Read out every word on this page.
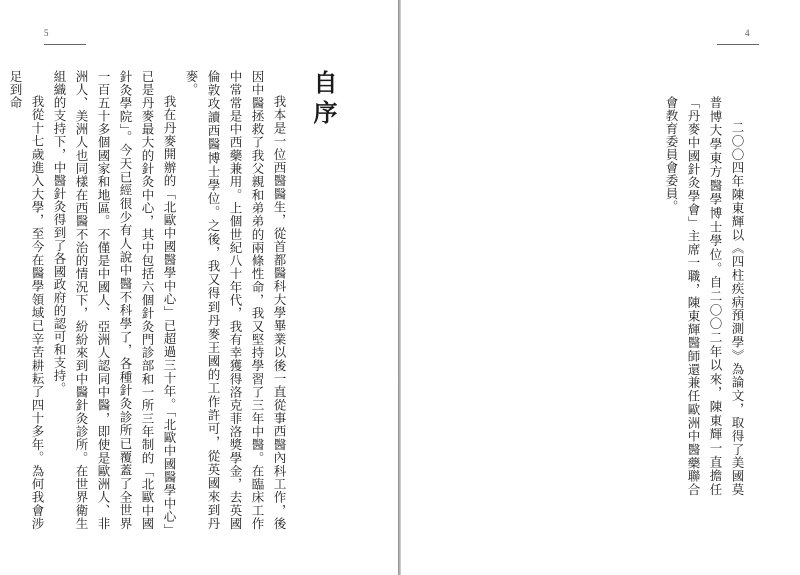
5
自序

我本是一位西醫醫生，從首都醫科大學畢業以後一直從事西醫內科工作，後因中醫拯救了我父親和弟弟的兩條性命，我又堅持學習了三年中醫。在臨床工作中常常是中西藥兼用。上個世紀八十年代，我有幸獲得洛克菲洛獎學金，去英國倫敦攻讀西醫博士學位。之後，我又得到丹麥王國的工作許可，從英國來到丹麥。

我在丹麥開辦的「北歐中國醫學中心」已超過三十年。「北歐中國醫學中心」已是丹麥最大的針灸中心，其中包括六個針灸門診部和一所三年制的「北歐中國針灸學院」。今天已經很少有人說中醫不科學了，各種針灸診所已覆蓋了全世界一百五十多個國家和地區。不僅是中國人、亞洲人認同中醫，即使是歐洲人、非洲人、美洲人也同樣在西醫不治的情況下，紛紛來到中醫針灸診所。在世界衛生組織的支持下，中醫針灸得到了各國政府的認可和支持。

我從十七歲進入大學，至今在醫學領域已辛苦耕耘了四十多年。為何我會涉足到命

4

二〇〇四年陳東輝以《四柱疾病預測學》為論文，取得了美國莫普博大學東方醫學博士學位。自二〇〇二年以來，陳東輝一直擔任「丹麥中國針灸學會」主席一職，陳東輝醫師還兼任歐洲中醫藥聯合會教育委員會委員。
